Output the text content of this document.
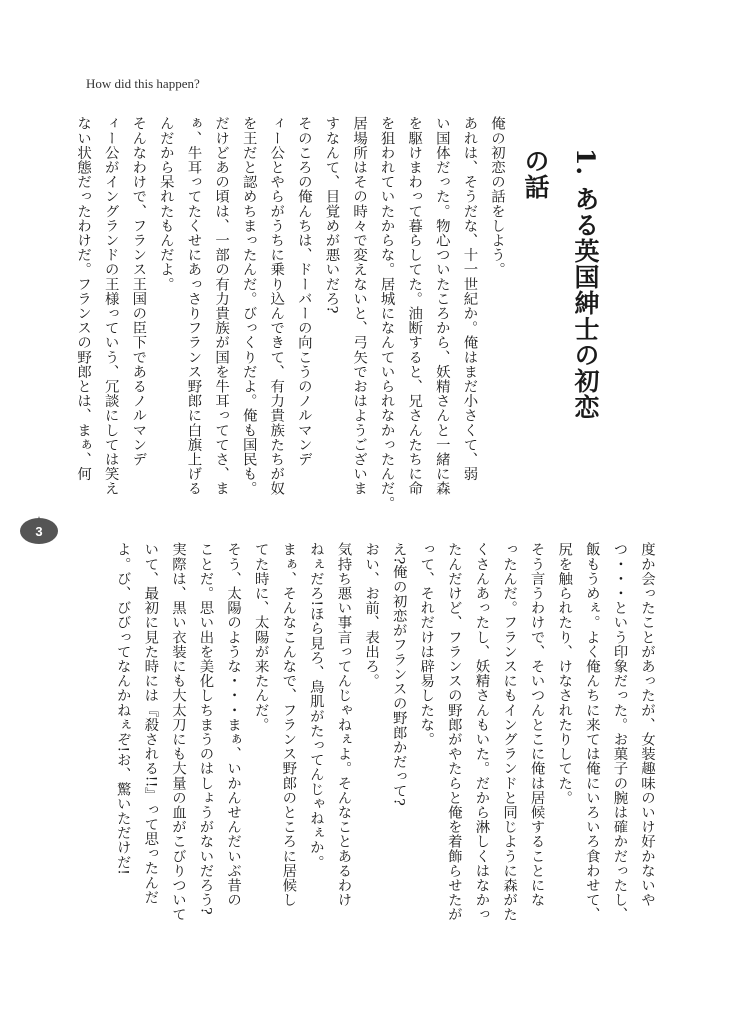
How did this happen?
1. ある英国紳士の初恋の話
俺の初恋の話をしよう。
あれは、そうだな、十一世紀か。俺はまだ小さくて、弱
い国体だった。物心ついたころから、妖精さんと一緒に森
を駆けまわって暮らしてた。油断すると、兄さんたちに命
を狙われていたからな。居城になんていられなかったんだ。
居場所はその時々で変えないと、弓矢でおはようございま
すなんて、目覚めが悪いだろ?
そのころの俺んちは、ドーバーの向こうのノルマンデ
ィー公とやらがうちに乗り込んできて、有力貴族たちが奴
を王だと認めちまったんだ。びっくりだよ。俺も国民も。
だけどあの頃は、一部の有力貴族が国を牛耳っててさ、ま
ぁ、牛耳ってたくせにあっさりフランス野郎に白旗上げる
んだから呆れたもんだよ。
そんなわけで、フランス王国の臣下であるノルマンデ
ィー公がイングランドの王様っていう、冗談にしては笑え
ない状態だったわけだ。フランスの野郎とは、まぁ、何
度か会ったことがあったが、女装趣味のいけ好かないや
つ・・・という印象だった。お菓子の腕は確かだったし、
飯もうめぇ。よく俺んちに来ては俺にいろいろ食わせて、
尻を触られたり、けなされたりしてた。
そう言うわけで、そいつんとこに俺は居候することにな
ったんだ。フランスにもイングランドと同じように森がた
くさんあったし、妖精さんもいた。だから淋しくはなかっ
たんだけど、フランスの野郎がやたらと俺を着飾らせたが
って、それだけは辟易したな。
え?俺の初恋がフランスの野郎かだって?
おい、お前、表出ろ。
気持ち悪い事言ってんじゃねぇよ。そんなことあるわけ
ねぇだろ!ほら見ろ、鳥肌がたってんじゃねぇか。
まぁ、そんなこんなで、フランス野郎のところに居候し
てた時に、太陽が来たんだ。
そう、太陽のような・・・まぁ、いかんせんだいぶ昔の
ことだ。思い出を美化しちまうのはしょうがないだろう?
実際は、黒い衣装にも大太刀にも大量の血がこびりついて
いて、最初に見た時には『殺される!!』って思ったんだ
よ。び、びびってなんかねぇぞ!お、驚いただけだ!
3
